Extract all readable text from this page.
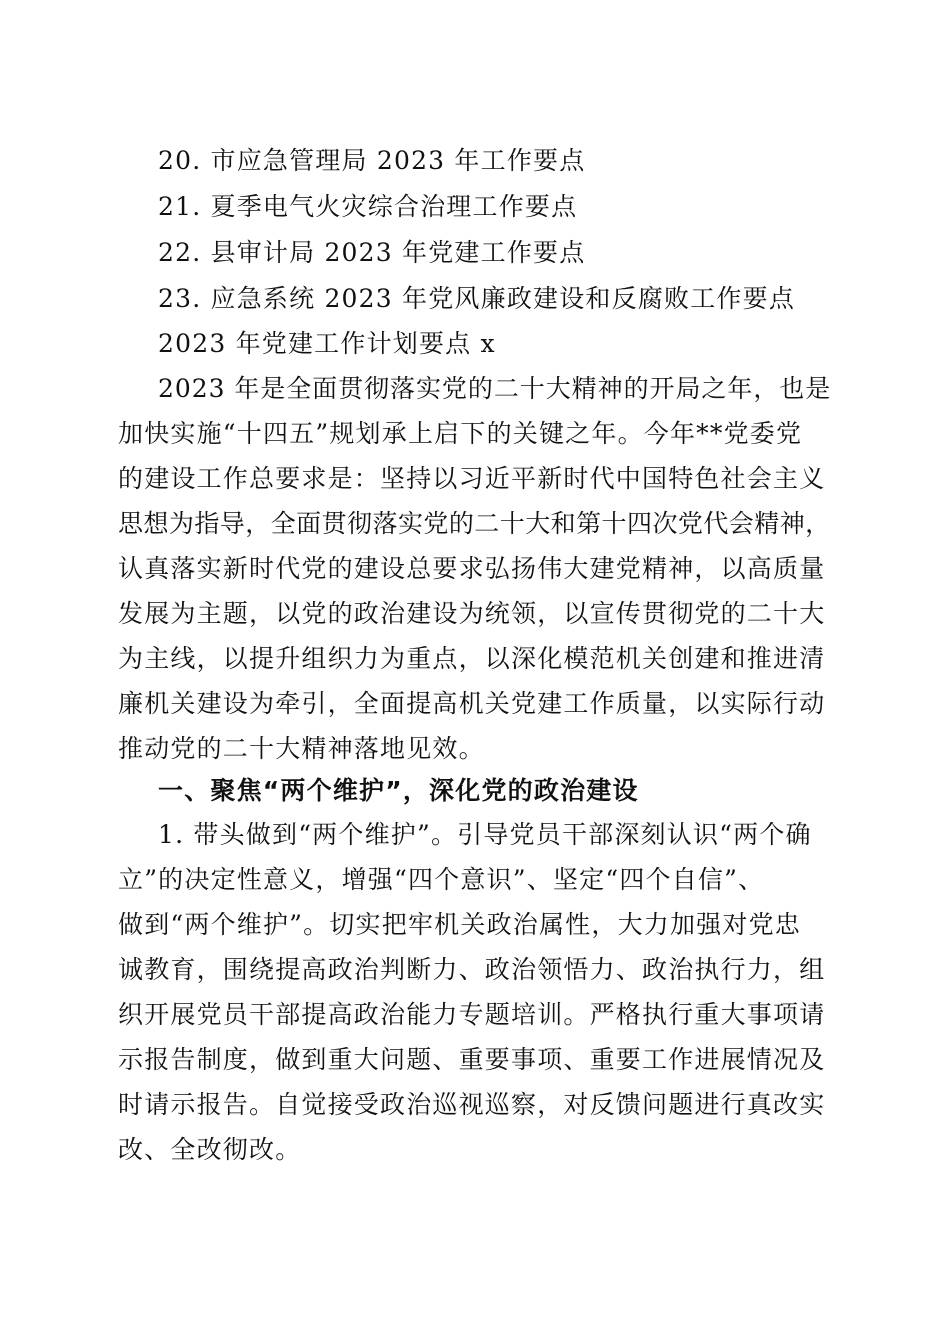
20. 市应急管理局 2023 年工作要点
21. 夏季电气火灾综合治理工作要点
22. 县审计局 2023 年党建工作要点
23. 应急系统 2023 年党风廉政建设和反腐败工作要点
2023 年党建工作计划要点 x
2023 年是全面贯彻落实党的二十大精神的开局之年，也是
加快实施“十四五”规划承上启下的关键之年。今年**党委党
的建设工作总要求是：坚持以习近平新时代中国特色社会主义
思想为指导，全面贯彻落实党的二十大和第十四次党代会精神，
认真落实新时代党的建设总要求弘扬伟大建党精神，以高质量
发展为主题，以党的政治建设为统领，以宣传贯彻党的二十大
为主线，以提升组织力为重点，以深化模范机关创建和推进清
廉机关建设为牵引，全面提高机关党建工作质量，以实际行动
推动党的二十大精神落地见效。
一、聚焦“两个维护”，深化党的政治建设
1. 带头做到“两个维护”。引导党员干部深刻认识“两个确
立”的决定性意义，增强“四个意识”、坚定“四个自信”、
做到“两个维护”。切实把牢机关政治属性，大力加强对党忠
诚教育，围绕提高政治判断力、政治领悟力、政治执行力，组
织开展党员干部提高政治能力专题培训。严格执行重大事项请
示报告制度，做到重大问题、重要事项、重要工作进展情况及
时请示报告。自觉接受政治巡视巡察，对反馈问题进行真改实
改、全改彻改。
